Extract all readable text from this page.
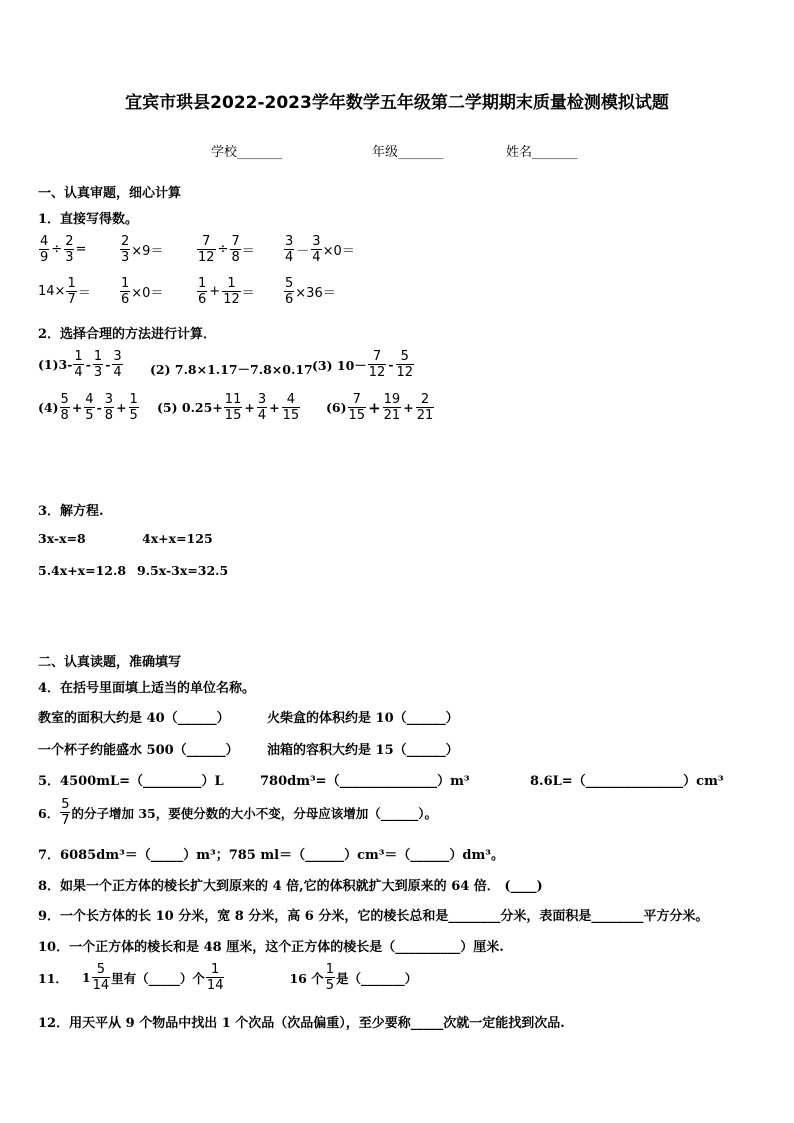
宜宾市珙县2022-2023学年数学五年级第二学期期末质量检测模拟试题
学校_______	年级_______	姓名_______
一、认真审题，细心计算
1．直接写得数。
$\frac{4}{9} \div \frac{2}{3}$ =	$\frac{2}{3} \times 9=$	$\frac{7}{12} \div \frac{7}{8} = \frac{3}{4} - \frac{3}{4} \times 0=$
$14\times \frac{1}{7} = \frac{1}{6} \times 0=$	$\frac{1}{6} + \frac{1}{12} = \frac{5}{6} \times 36=$
2．选择合理的方法进行计算．
$(1)3- \frac{1}{4} - \frac{1}{3} - \frac{3}{4} (2)$ 7.8×1.17－7.8×0.17 (3) $10- \frac{7}{12} - \frac{5}{12}$
$(4) \frac{5}{8} + \frac{4}{5} - \frac{3}{8} + \frac{1}{5} (5)$ $0.25+ \frac{11}{15} + \frac{3}{4} + \frac{4}{15} (6) \frac{7}{15} + \frac{19}{21} + \frac{2}{21}$
3．解方程.
3x-x=8	4x+x=125
5.4x+x=12.8 9.5x-3x=32.5
二、认真读题，准确填写
4．在括号里面填上适当的单位名称。
教室的面积大约是 40（______）	火柴盒的体积约是 10（______）
一个杯子约能盛水 500（______） 油箱的容积大约是 15（______）
5．4500mL=（_________）L	780dm³=（_______________）m³	8.6L=（_______________）cm³
6． $\frac{5}{7}$ 的分子增加 35，要使分数的大小不变，分母应该增加（______）。
7．6085dm³＝（_____）m³；785 ml＝（______）cm³＝（______）dm³。
8．如果一个正方体的棱长扩大到原来的 4 倍,它的体积就扩大到原来的 64 倍． (____)
9．一个长方体的长 10 分米，宽 8 分米，高 6 分米，它的棱长总和是________分米，表面积是________平方分米。
10．一个正方体的棱长和是 48 厘米，这个正方体的棱长是（__________）厘米.
11． $1 \frac{5}{14}$ 里有（_____）个 $\frac{1}{14}$	16 个 $\frac{1}{5}$ 是（_______）
12．用天平从 9 个物品中找出 1 个次品（次品偏重），至少要称_____次就一定能找到次品.
